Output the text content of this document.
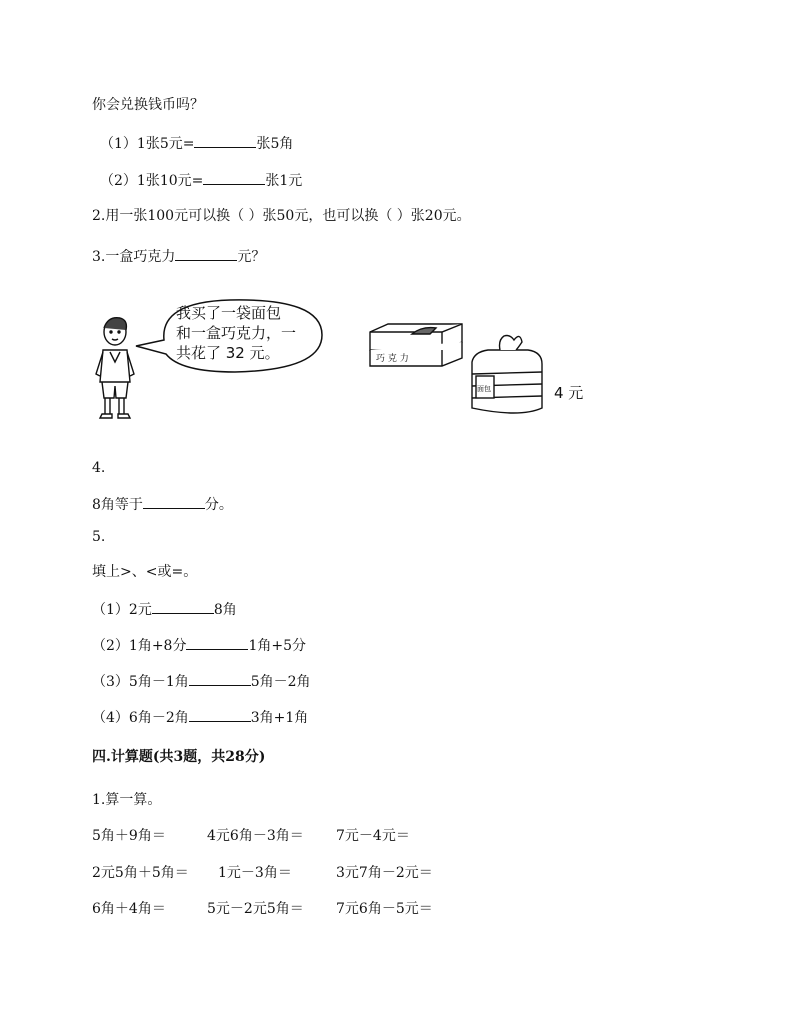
你会兑换钱币吗？
（1）1张5元=	张5角
（2）1张10元=	张1元
2.用一张100元可以换（ ）张50元，也可以换（ ）张20元。
3.一盒巧克力	元？
我买了一袋面包
和一盒巧克力，一
共花了 32 元。	巧 克 力
面包	4 元
4.
8角等于	分。
5.
填上>、<或=。
（1）2元	8角
（2）1角+8分	1角+5分
（3）5角－1角	5角－2角
（4）6角－2角	3角+1角
四.计算题(共3题，共28分)
1.算一算。
5角＋9角＝	4元6角－3角＝ 7元－4元＝
2元5角＋5角＝ 1元－3角＝	3元7角－2元＝
6角＋4角＝	5元－2元5角＝ 7元6角－5元＝
